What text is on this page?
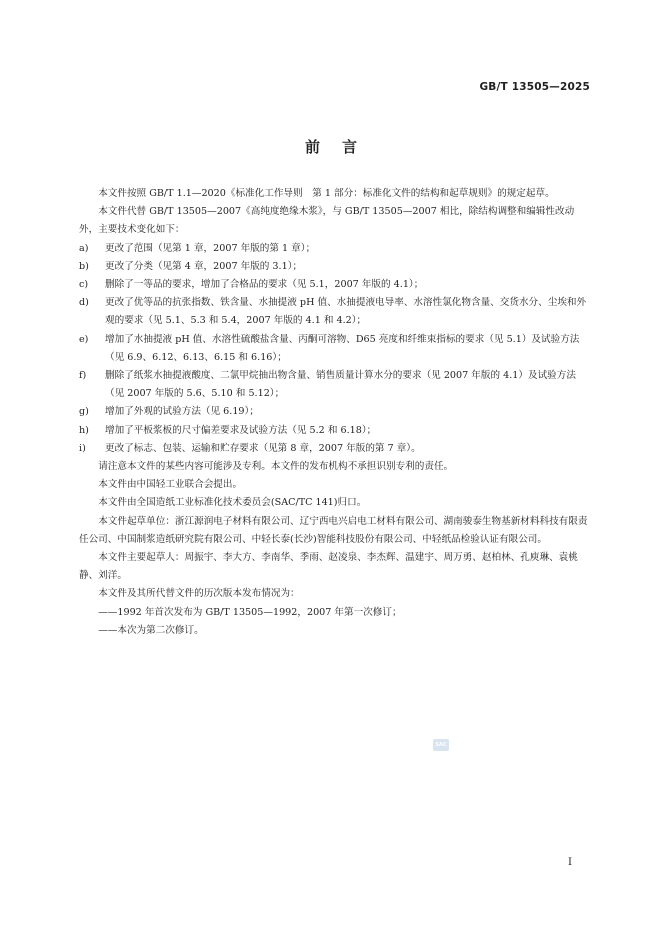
GB/T 13505—2025
前言

本文件按照 GB/T 1.1—2020《标准化工作导则　第 1 部分：标准化文件的结构和起草规则》的规定起草。

本文件代替 GB/T 13505—2007《高纯度绝缘木浆》，与 GB/T 13505—2007 相比，除结构调整和编辑性改动外，主要技术变化如下：

a) 更改了范围（见第 1 章，2007 年版的第 1 章）；

b) 更改了分类（见第 4 章，2007 年版的 3.1）；

c) 删除了一等品的要求，增加了合格品的要求（见 5.1，2007 年版的 4.1）；

d) 更改了优等品的抗张指数、铁含量、水抽提液 pH 值、水抽提液电导率、水溶性氯化物含量、交货水分、尘埃和外观的要求（见 5.1、5.3 和 5.4，2007 年版的 4.1 和 4.2）；

e) 增加了水抽提液 pH 值、水溶性硫酸盐含量、丙酮可溶物、D65 亮度和纤维束指标的要求（见 5.1）及试验方法（见 6.9、6.12、6.13、6.15 和 6.16）；

f) 删除了纸浆水抽提液酸度、二氯甲烷抽出物含量、销售质量计算水分的要求（见 2007 年版的 4.1）及试验方法（见 2007 年版的 5.6、5.10 和 5.12）；

g) 增加了外观的试验方法（见 6.19）；

h) 增加了平板浆板的尺寸偏差要求及试验方法（见 5.2 和 6.18）；

i) 更改了标志、包装、运输和贮存要求（见第 8 章，2007 年版的第 7 章）。

请注意本文件的某些内容可能涉及专利。本文件的发布机构不承担识别专利的责任。

本文件由中国轻工业联合会提出。

本文件由全国造纸工业标准化技术委员会(SAC/TC 141)归口。

本文件起草单位：浙江源润电子材料有限公司、辽宁西电兴启电工材料有限公司、湖南骏泰生物基新材料科技有限责任公司、中国制浆造纸研究院有限公司、中轻长泰(长沙)智能科技股份有限公司、中轻纸品检验认证有限公司。

本文件主要起草人：周振宇、李大方、李南华、季雨、赵凌泉、李杰辉、温建宇、周万勇、赵柏林、孔庾琳、袁桃静、刘洋。

本文件及其所代替文件的历次版本发布情况为：

——1992 年首次发布为 GB/T 13505—1992，2007 年第一次修订；

——本次为第二次修订。

SAC
I
